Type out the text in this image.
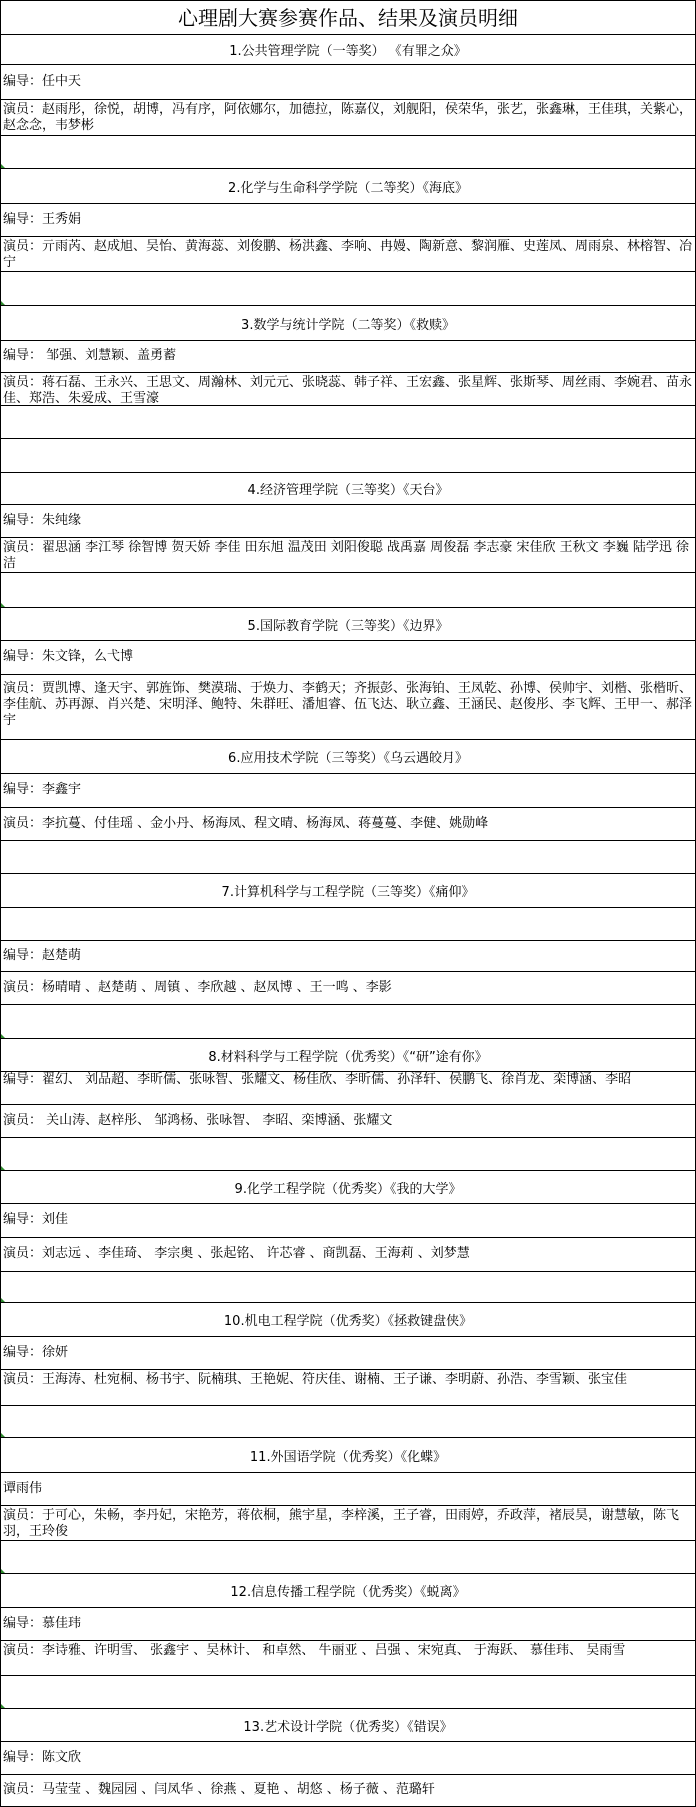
心理剧大赛参赛作品、结果及演员明细
1.公共管理学院（一等奖） 《有罪之众》
编导：任中天
演员：赵雨彤，徐悦，胡博，冯有序，阿依娜尔，加德拉，陈嘉仪，刘舰阳，侯荣华，张艺，张鑫琳，王佳琪，关紫心，赵念念，韦梦彬
2.化学与生命科学学院（二等奖）《海底》
编导：王秀娟
演员：亓雨芮、赵成旭、吴怡、黄海蕊、刘俊鹏、杨洪鑫、李响、冉嫚、陶新意、黎润雁、史莲凤、周雨泉、林榕智、冶宁
3.数学与统计学院（二等奖）《救赎》
编导： 邹强、刘慧颖、盖勇蓄
演员：蒋石磊、王永兴、王思文、周瀚林、刘元元、张晓蕊、韩子祥、王宏鑫、张星辉、张斯琴、周丝雨、李婉君、苗永佳、郑浩、朱爱成、王雪濠
4.经济管理学院（三等奖）《天台》
编导：朱纯缘
演员：翟思涵 李江琴 徐智博 贺天娇 李佳 田东旭 温茂田 刘阳俊聪 战禹嘉 周俊磊 李志豪 宋佳欣 王秋文 李巍 陆学迅 徐洁
5.国际教育学院（三等奖）《边界》
编导：朱文锋，么弋博
演员：贾凯博、逢天宇、郭旌饰、樊漠瑞、于焕力、李鹤天；齐振彭、张海铂、王凤乾、孙博、侯帅宇、刘楷、张楷昕、李佳航、苏再源、肖兴楚、宋明泽、鲍特、朱群旺、潘旭睿、伍飞达、耿立鑫、王涵民、赵俊彤、李飞辉、王甲一、郝泽宇
6.应用技术学院（三等奖）《乌云遇皎月》
编导：李鑫宇
演员：李抗蔓、付佳瑶 、金小丹、杨海凤、程文晴、杨海凤、蒋蔓蔓、李健、姚勋峰
7.计算机科学与工程学院（三等奖）《痛仰》
编导：赵楚萌
演员：杨晴晴 、赵楚萌 、周镇 、李欣越 、赵凤博 、王一鸣 、李影
8.材料科学与工程学院（优秀奖）《“研”途有你》
编导：翟幻、 刘品超、李昕儒、张咏智、张耀文、杨佳欣、李昕儒、孙泽轩、侯鹏飞、徐肖龙、栾博涵、李昭
演员： 关山涛、赵梓彤、 邹鸿杨、张咏智、 李昭、栾博涵、张耀文
9.化学工程学院（优秀奖）《我的大学》
编导：刘佳
演员：刘志远 、李佳琦、 李宗奥 、张起铭、 许芯睿 、商凯磊、王海莉 、刘梦慧
10.机电工程学院（优秀奖）《拯救键盘侠》
编导：徐妍
演员：王海涛、杜宛桐、杨书宇、阮楠琪、王艳妮、符庆佳、谢楠、王子谦、李明蔚、孙浩、李雪颖、张宝佳
11.外国语学院（优秀奖）《化蝶》
谭雨伟
演员：于可心，朱畅，李丹妃，宋艳芳，蒋依桐，熊宇星，李梓溪，王子睿，田雨婷，乔政萍，褚辰昊，谢慧敏，陈飞羽，王玲俊
12.信息传播工程学院（优秀奖）《蜕离》
编导：慕佳玮
演员：李诗雅、许明雪、 张鑫宇 、吴林计、 和卓然、 牛丽亚 、吕强 、宋宛真、 于海跃、 慕佳玮、 吴雨雪
13.艺术设计学院（优秀奖）《错误》
编导：陈文欣
演员：马莹莹 、魏园园 、闫凤华 、徐燕 、夏艳 、胡悠 、杨子薇 、范璐轩
